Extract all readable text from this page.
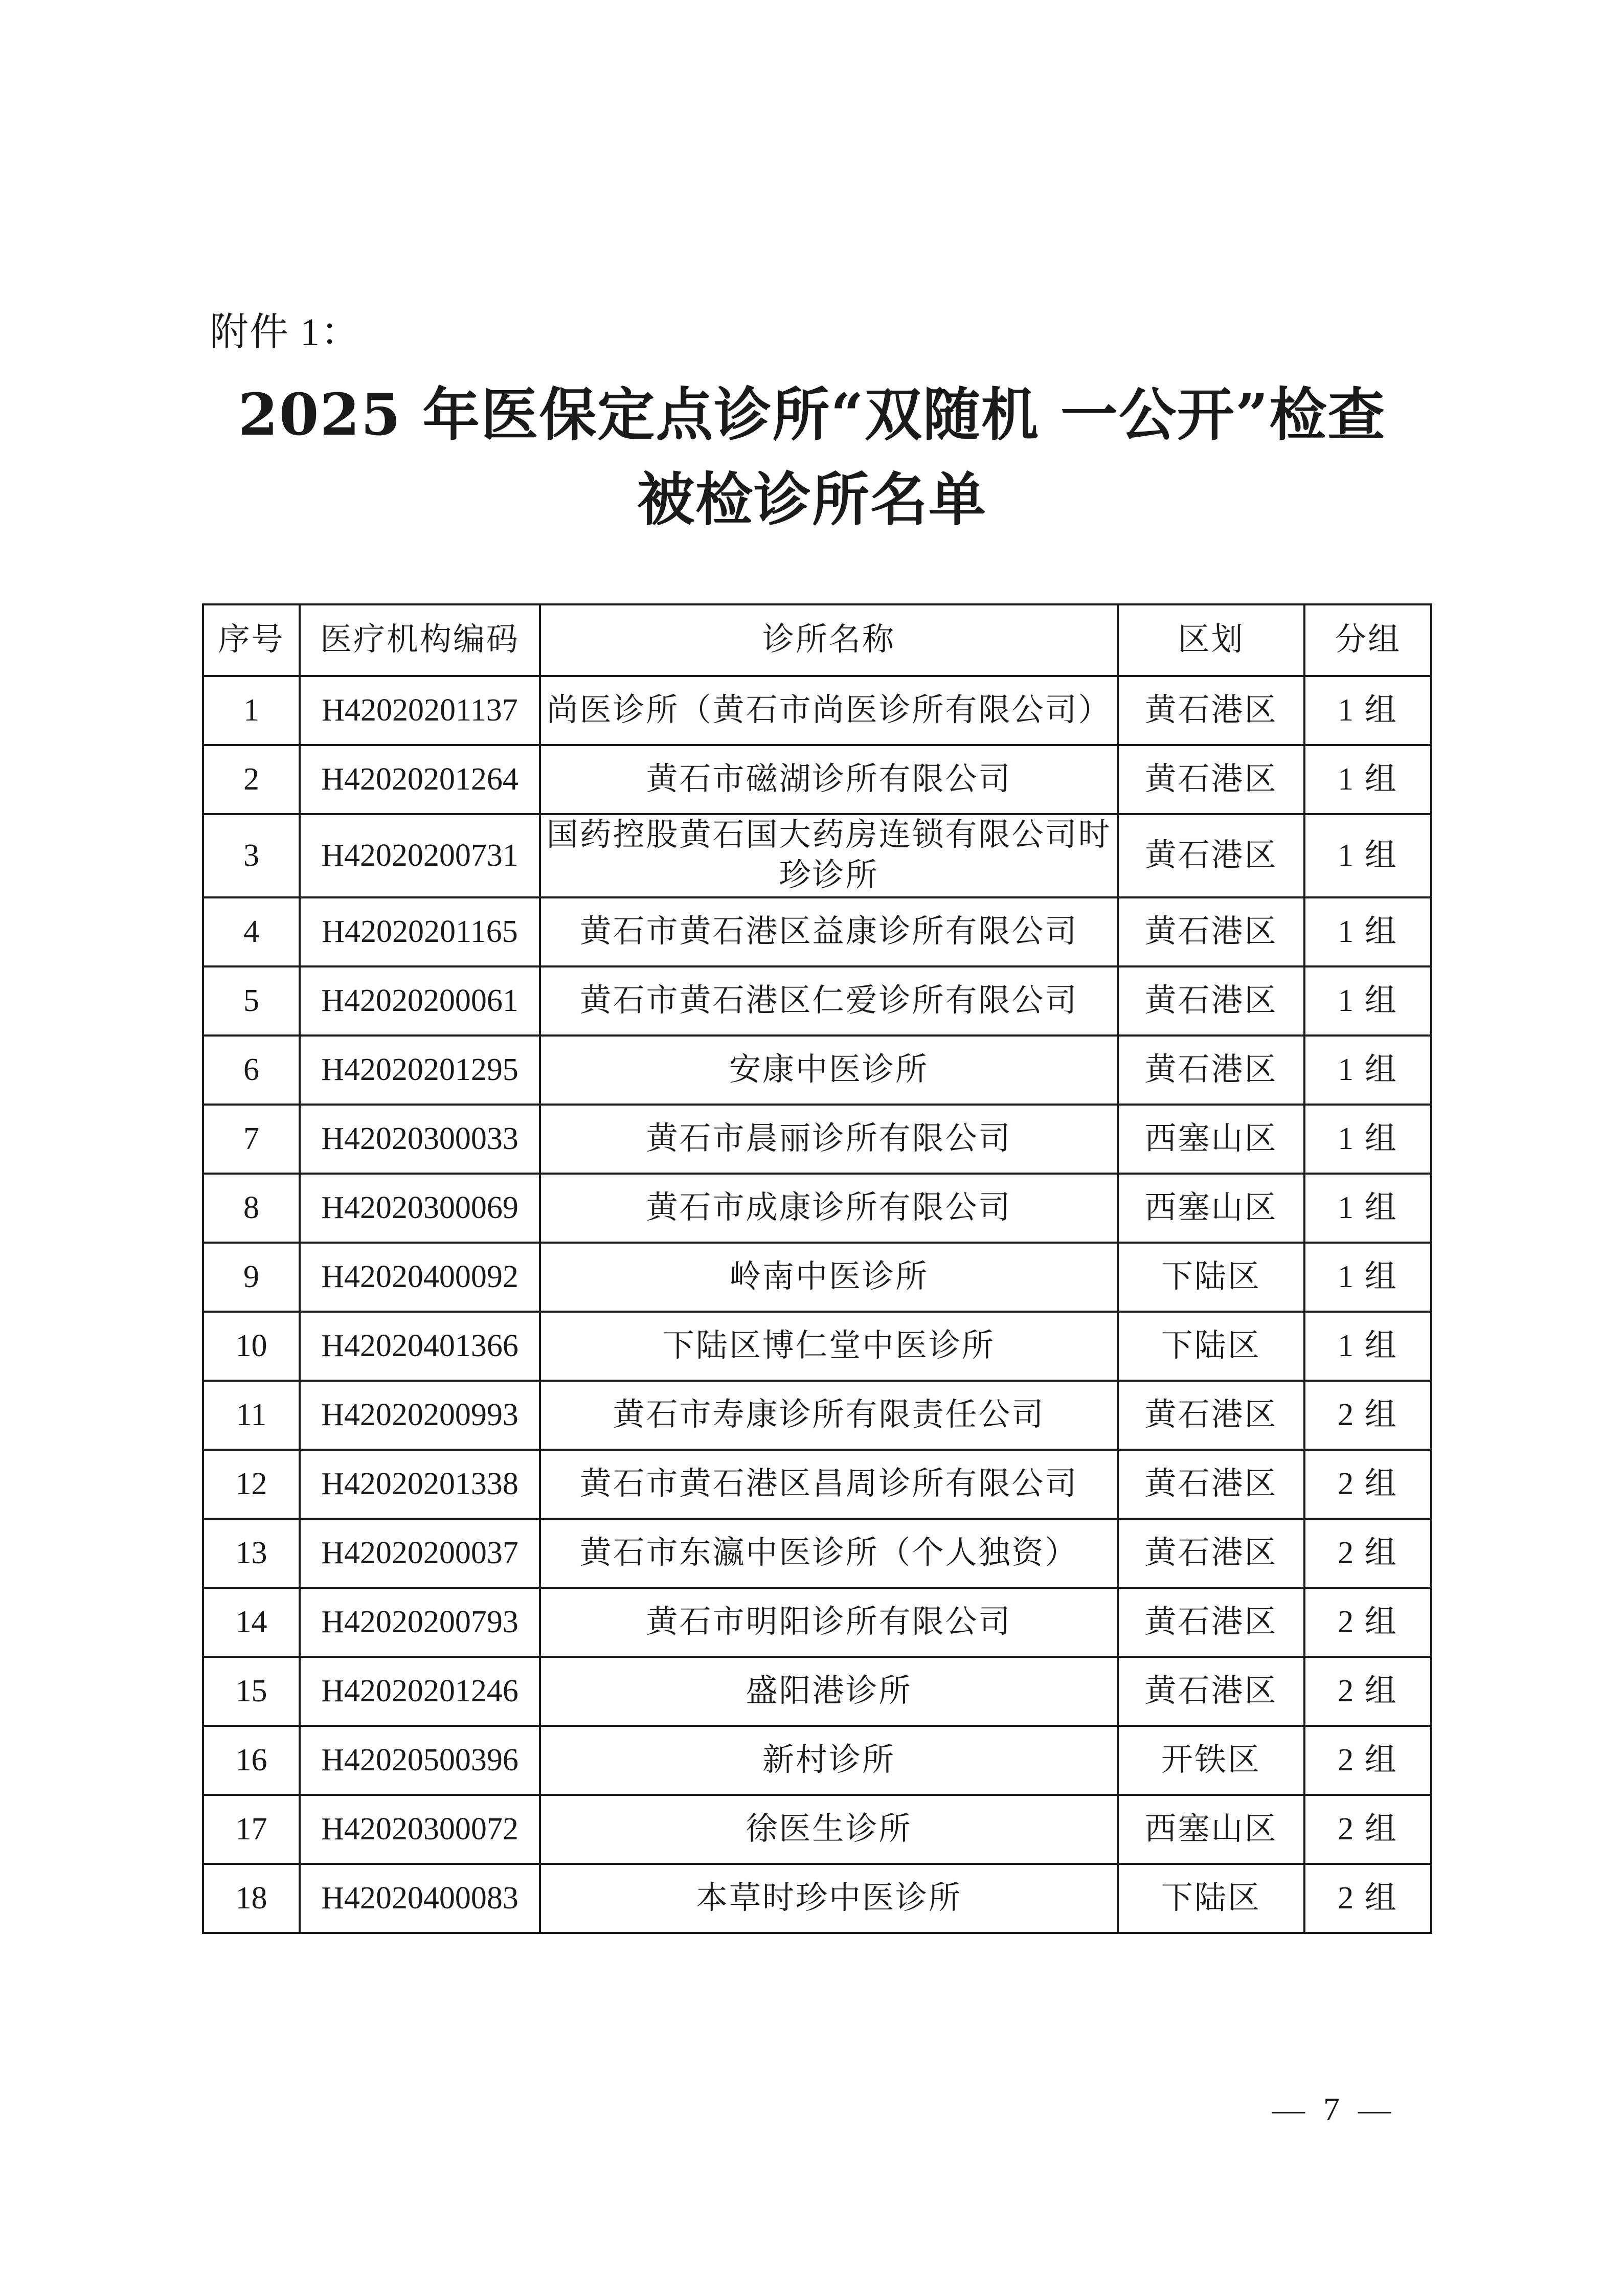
附件 1：
2025 年医保定点诊所“双随机 一公开”检查
被检诊所名单
序号	医疗机构编码	诊所名称	区划	分组
1	H42020201137	尚医诊所（黄石市尚医诊所有限公司）	黄石港区	1 组
2	H42020201264	黄石市磁湖诊所有限公司	黄石港区	1 组
3	H42020200731	国药控股黄石国大药房连锁有限公司时珍诊所	黄石港区	1 组
4	H42020201165	黄石市黄石港区益康诊所有限公司	黄石港区	1 组
5	H42020200061	黄石市黄石港区仁爱诊所有限公司	黄石港区	1 组
6	H42020201295	安康中医诊所	黄石港区	1 组
7	H42020300033	黄石市晨丽诊所有限公司	西塞山区	1 组
8	H42020300069	黄石市成康诊所有限公司	西塞山区	1 组
9	H42020400092	岭南中医诊所	下陆区	1 组
10	H42020401366	下陆区博仁堂中医诊所	下陆区	1 组
11	H42020200993	黄石市寿康诊所有限责任公司	黄石港区	2 组
12	H42020201338	黄石市黄石港区昌周诊所有限公司	黄石港区	2 组
13	H42020200037	黄石市东瀛中医诊所（个人独资）	黄石港区	2 组
14	H42020200793	黄石市明阳诊所有限公司	黄石港区	2 组
15	H42020201246	盛阳港诊所	黄石港区	2 组
16	H42020500396	新村诊所	开铁区	2 组
17	H42020300072	徐医生诊所	西塞山区	2 组
18	H42020400083	本草时珍中医诊所	下陆区	2 组
— 7 —
